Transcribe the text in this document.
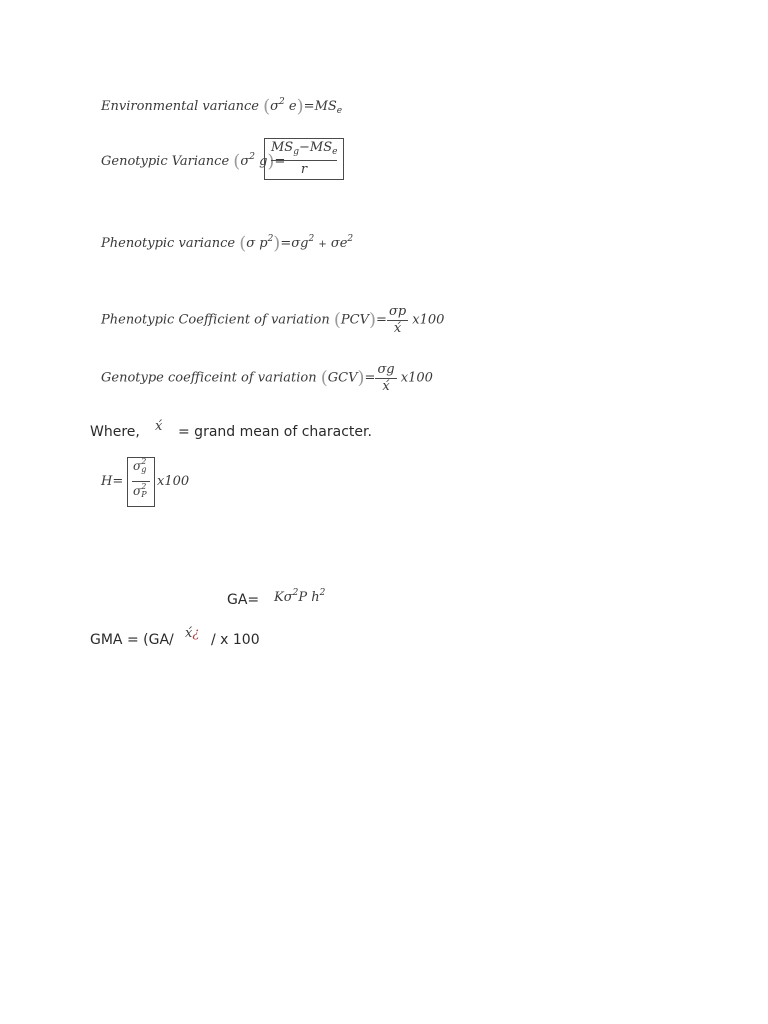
Environmental variance ($\sigma^2$ $e)=MS_e$
Genotypic Variance ($\sigma^2$ g)=
$MS_g-MS_e$
r
Phenotypic variance (σ $p^2)=\sigma g^2 + \sigma e^2$
Phenotypic Coefficient of variation $(PCV)= \frac{\sigma p}{x́} x100$
Genotype coefficeint of variation $(GCV)= \frac{\sigma g}{x́} x100$
Where, x́ = grand mean of character.
H=
σ 2
g
σ 2
P
x100
$GA= K\sigma^2P$ $h^2$
GMA = (GA/ x́¿ / x 100
